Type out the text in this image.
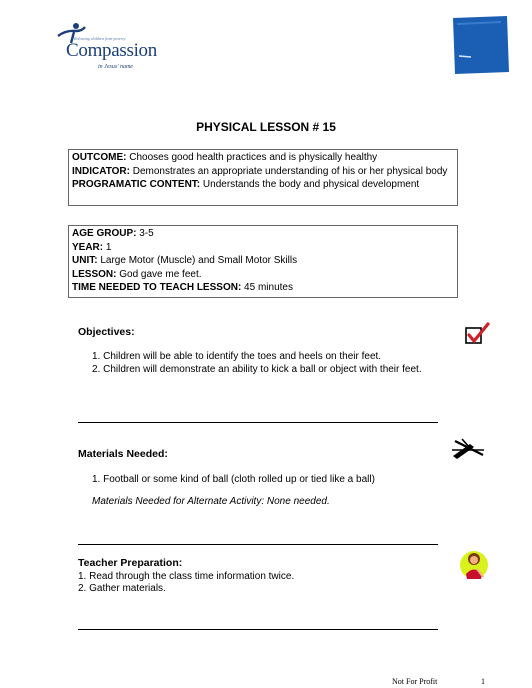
Releasing children from poverty
Compassion
in Jesus' name
PHYSICAL LESSON # 15

OUTCOME: Chooses good health practices and is physically healthy

INDICATOR: Demonstrates an appropriate understanding of his or her physical body

PROGRAMATIC CONTENT: Understands the body and physical development

AGE GROUP: 3-5

YEAR: 1

UNIT: Large Motor (Muscle) and Small Motor Skills

LESSON: God gave me feet.

TIME NEEDED TO TEACH LESSON: 45 minutes

Objectives:
1. Children will be able to identify the toes and heels on their feet.
2. Children will demonstrate an ability to kick a ball or object with their feet.
Materials Needed:
1. Football or some kind of ball (cloth rolled up or tied like a ball)
Materials Needed for Alternate Activity: None needed.
Teacher Preparation:
1. Read through the class time information twice.
2. Gather materials.
Not For Profit	1
